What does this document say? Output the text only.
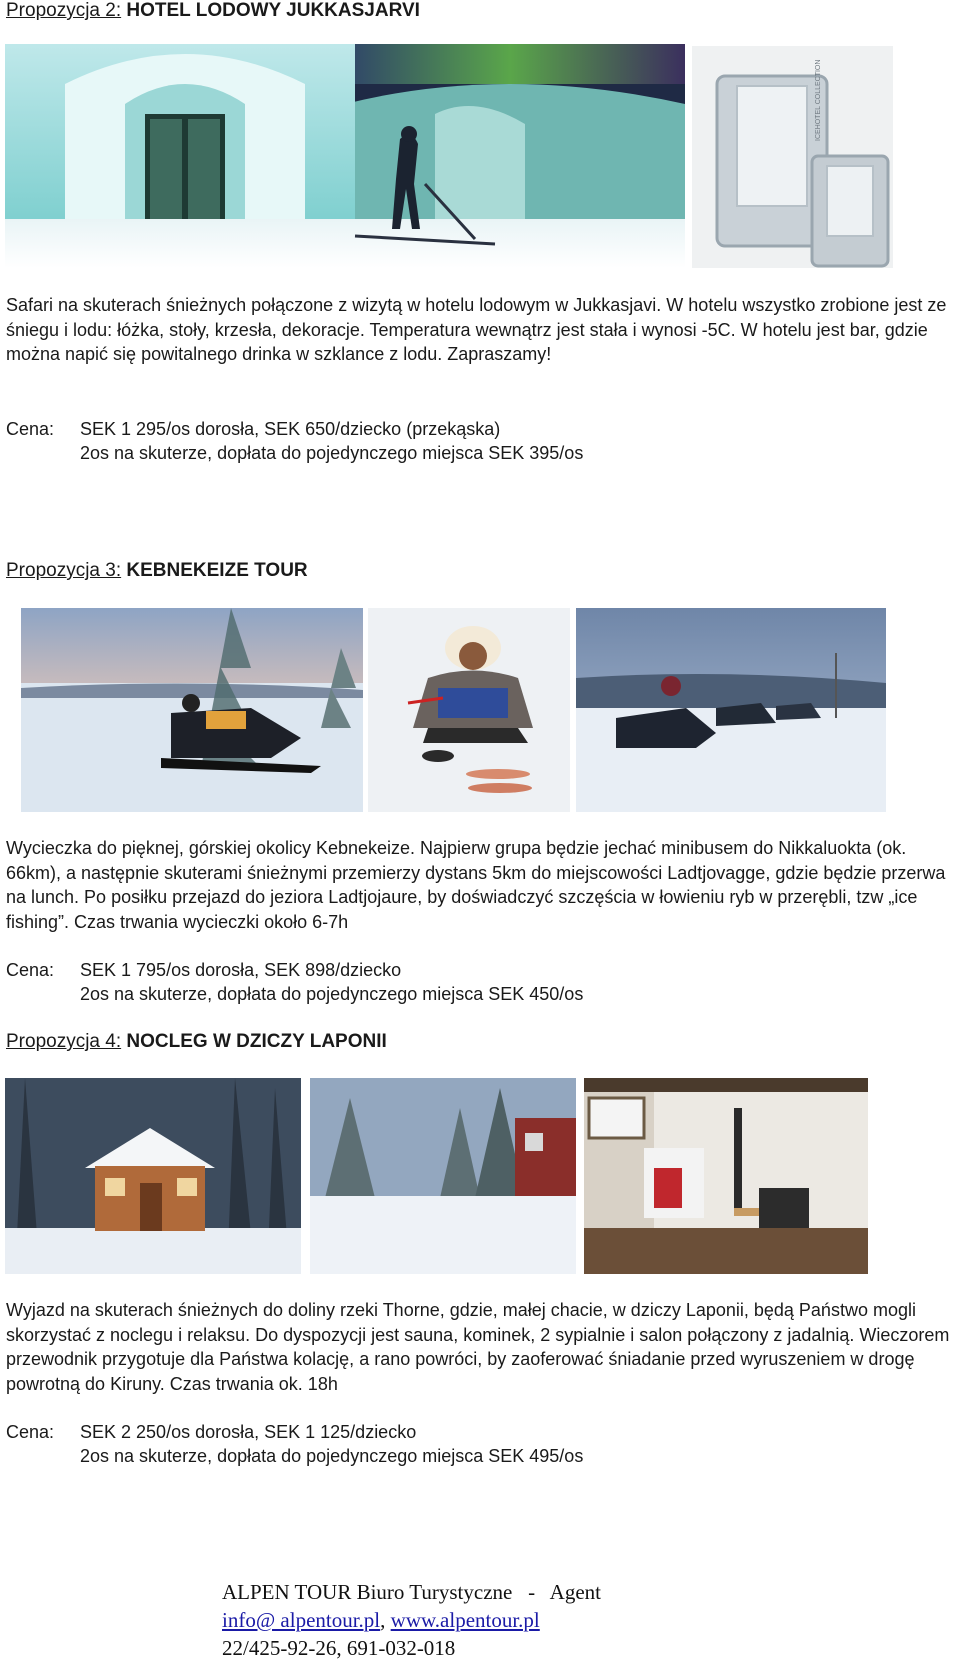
Propozycja 2: HOTEL LODOWY JUKKASJARVI
ICEHOTEL COLLECTION
Safari na skuterach śnieżnych połączone z wizytą w hotelu lodowym w Jukkasjavi. W hotelu wszystko zrobione jest ze śniegu i lodu: łóżka, stoły, krzesła, dekoracje. Temperatura wewnątrz jest stała i wynosi -5C. W hotelu jest bar, gdzie można napić się powitalnego drinka w szklance z lodu. Zapraszamy!
Cena: SEK 1 295/os dorosła, SEK 650/dziecko (przekąska)
2os na skuterze, dopłata do pojedynczego miejsca SEK 395/os
Propozycja 3: KEBNEKEIZE TOUR
Wycieczka do pięknej, górskiej okolicy Kebnekeize. Najpierw grupa będzie jechać minibusem do Nikkaluokta (ok. 66km), a następnie skuterami śnieżnymi przemierzy dystans 5km do miejscowości Ladtjovagge, gdzie będzie przerwa na lunch. Po posiłku przejazd do jeziora Ladtjojaure, by doświadczyć szczęścia w łowieniu ryb w przerębli, tzw „ice fishing”. Czas trwania wycieczki około 6-7h
Cena: SEK 1 795/os dorosła, SEK 898/dziecko
2os na skuterze, dopłata do pojedynczego miejsca SEK 450/os
Propozycja 4: NOCLEG W DZICZY LAPONII
Wyjazd na skuterach śnieżnych do doliny rzeki Thorne, gdzie, małej chacie, w dziczy Laponii, będą Państwo mogli skorzystać z noclegu i relaksu. Do dyspozycji jest sauna, kominek, 2 sypialnie i salon połączony z jadalnią. Wieczorem przewodnik przygotuje dla Państwa kolację, a rano powróci, by zaoferować śniadanie przed wyruszeniem w drogę powrotną do Kiruny. Czas trwania ok. 18h
Cena: SEK 2 250/os dorosła, SEK 1 125/dziecko
2os na skuterze, dopłata do pojedynczego miejsca SEK 495/os
ALPEN TOUR Biuro Turystyczne   -   Agent
info@ alpentour.pl, www.alpentour.pl
22/425-92-26, 691-032-018
